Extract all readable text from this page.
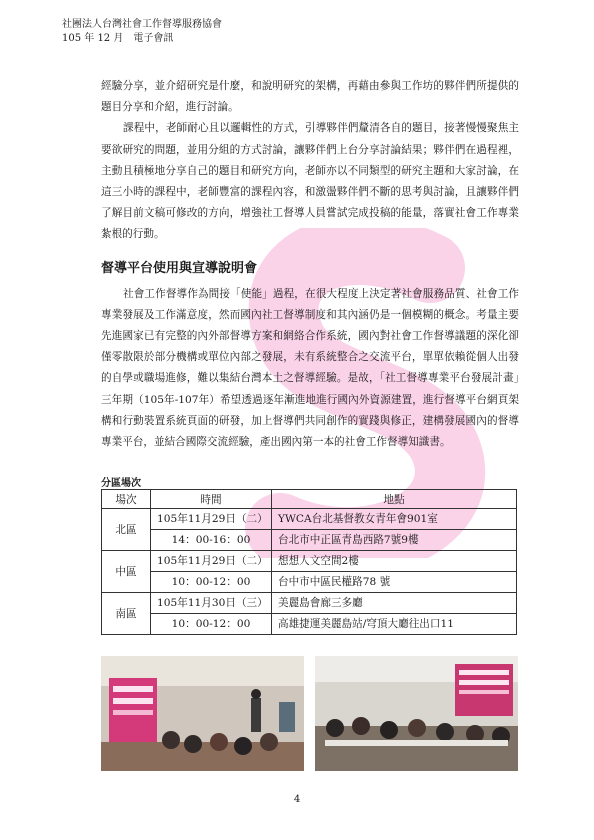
社團法人台灣社會工作督導服務協會
105 年 12 月　電子會訊

經驗分享，並介紹研究是什麼，和說明研究的架構，再藉由參與工作坊的夥伴們所提供的題目分享和介紹，進行討論。

課程中，老師耐心且以邏輯性的方式，引導夥伴們釐清各自的題目，接著慢慢聚焦主要欲研究的問題，並用分組的方式討論，讓夥伴們上台分享討論結果；夥伴們在過程裡，主動且積極地分享自己的題目和研究方向，老師亦以不同類型的研究主題和大家討論，在這三小時的課程中，老師豐富的課程內容，和激盪夥伴們不斷的思考與討論，且讓夥伴們了解目前文稿可修改的方向，增強社工督導人員嘗試完成投稿的能量，落實社會工作專業紮根的行動。

督導平台使用與宣導說明會

社會工作督導作為間接「使能」過程，在很大程度上決定著社會服務品質、社會工作專業發展及工作滿意度，然而國內社工督導制度和其內涵仍是一個模糊的概念。考量主要先進國家已有完整的內外部督導方案和網絡合作系統，國內對社會工作督導議題的深化卻僅零散限於部分機構或單位內部之發展，未有系統整合之交流平台，單單依賴從個人出發的自學或職場進修，難以集結台灣本土之督導經驗。是故，「社工督導專業平台發展計畫」三年期（105年-107年）希望透過逐年漸進地進行國內外資源建置，進行督導平台網頁架構和行動裝置系統頁面的研發，加上督導們共同創作的實踐與修正，建構發展國內的督導專業平台，並結合國際交流經驗，產出國內第一本的社會工作督導知識書。

分區場次
場次	時間	地點
北區	105年11月29日（二）	YWCA台北基督教女青年會901室
	14：00-16：00	台北市中正區青島西路7號9樓
中區	105年11月29日（二）	想想人文空間2樓
	10：00-12：00	台中市中區民權路78 號
南區	105年11月30日（三）	美麗島會廊三多廳
	10：00-12：00	高雄捷運美麗島站/穹頂大廳往出口11
4
